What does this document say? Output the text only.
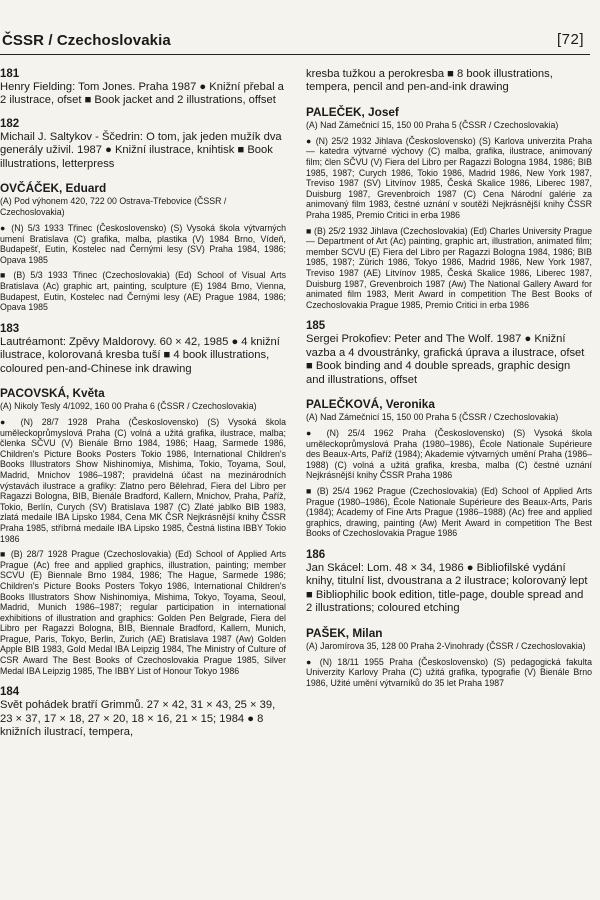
ČSSR / Czechoslovakia	[72]
181
Henry Fielding: Tom Jones. Praha 1987 ● Knižní přebal a 2 ilustrace, ofset ■ Book jacket and 2 illustrations, offset
182
Michail J. Saltykov - Ščedrin: O tom, jak jeden mužík dva generály uživil. 1987 ● Knižní ilustrace, knihtisk ■ Book illustrations, letterpress
OVČÁČEK, Eduard
(A) Pod výhonem 420, 722 00 Ostrava-Třebovice (ČSSR / Czechoslovakia)
● (N) 5/3 1933 Třinec (Československo) (S) Vysoká škola výtvarných umení Bratislava (C) grafika, malba, plastika (V) 1984 Brno, Vídeň, Budapešť, Eutin, Kostelec nad Černými lesy (SV) Praha 1984, 1986; Opava 1985
■ (B) 5/3 1933 Třinec (Czechoslovakia) (Ed) School of Visual Arts Bratislava (Ac) graphic art, painting, sculpture (E) 1984 Brno, Vienna, Budapest, Eutin, Kostelec nad Černými lesy (AE) Prague 1984, 1986; Opava 1985
183
Lautréamont: Zpěvy Maldorovy. 60 × 42, 1985 ● 4 knižní ilustrace, kolorovaná kresba tuší ■ 4 book illustrations, coloured pen-and-Chinese ink drawing
PACOVSKÁ, Květa
(A) Nikoly Tesly 4/1092, 160 00 Praha 6 (ČSSR / Czechoslovakia)
● (N) 28/7 1928 Praha (Československo) (S) Vysoká škola uměleckoprůmyslová Praha (C) volná a užitá grafika, ilustrace, malba; členka SČVU (V) Bienále Brno 1984, 1986; Haag, Sarmede 1986, Children's Picture Books Posters Tokio 1986, International Children's Books Illustrators Show Nishinomiya, Mishima, Tokio, Toyama, Soul, Madrid, Mnichov 1986–1987; pravidelná účast na mezinárodních výstavách ilustrace a grafiky: Zlatno pero Bělehrad, Fiera del Libro per Ragazzi Bologna, BIB, Bienále Bradford, Kallern, Mnichov, Praha, Paříž, Tokio, Berlín, Curych (SV) Bratislava 1987 (C) Zlaté jablko BIB 1983, zlatá medaile IBA Lipsko 1984, Cena MK ČSR Nejkrásnější knihy ČSSR Praha 1985, stříbrná medaile IBA Lipsko 1985, Čestná listina IBBY Tokio 1986
■ (B) 28/7 1928 Prague (Czechoslovakia) (Ed) School of Applied Arts Prague (Ac) free and applied graphics, illustration, painting; member SCVU (E) Biennale Brno 1984, 1986; The Hague, Sarmede 1986; Children's Picture Books Posters Tokyo 1986, International Children's Books Illustrators Show Nishinomiya, Mishima, Tokyo, Toyama, Seoul, Madrid, Munich 1986–1987; regular participation in international exhibitions of illustration and graphics: Golden Pen Belgrade, Fiera del Libro per Ragazzi Bologna, BIB, Biennale Bradford, Kallern, Munich, Prague, Paris, Tokyo, Berlin, Zurich (AE) Bratislava 1987 (Aw) Golden Apple BIB 1983, Gold Medal IBA Leipzig 1984, The Ministry of Culture of CSR Award The Best Books of Czechoslovakia Prague 1985, Silver Medal IBA Leipzig 1985, The IBBY List of Honour Tokyo 1986
184
Svět pohádek bratří Grimmů. 27 × 42, 31 × 43, 25 × 39, 23 × 37, 17 × 18, 27 × 20, 18 × 16, 21 × 15; 1984 ● 8 knižních ilustrací, tempera,
kresba tužkou a perokresba ■ 8 book illustrations, tempera, pencil and pen-and-ink drawing
PALEČEK, Josef
(A) Nad Zámečnicí 15, 150 00 Praha 5 (ČSSR / Czechoslovakia)
● (N) 25/2 1932 Jihlava (Československo) (S) Karlova univerzita Praha — katedra výtvarné výchovy (C) malba, grafika, ilustrace, animovaný film; člen SČVU (V) Fiera del Libro per Ragazzi Bologna 1984, 1986; BIB 1985, 1987; Curych 1986, Tokio 1986, Madrid 1986, New York 1987, Treviso 1987 (SV) Litvínov 1985, Česká Skalice 1986, Liberec 1987, Duisburg 1987, Grevenbroich 1987 (C) Cena Národní galérie za animovaný film 1983, čestné uznání v soutěži Nejkrásnější knihy ČSSR Praha 1985, Premio Critici in erba 1986
■ (B) 25/2 1932 Jihlava (Czechoslovakia) (Ed) Charles University Prague — Department of Art (Ac) painting, graphic art, illustration, animated film; member SCVU (E) Fiera del Libro per Ragazzi Bologna 1984, 1986; BIB 1985, 1987; Zürich 1986, Tokyo 1986, Madrid 1986, New York 1987, Treviso 1987 (AE) Litvínov 1985, Česká Skalice 1986, Liberec 1987, Duisburg 1987, Grevenbroich 1987 (Aw) The National Gallery Award for animated film 1983, Merit Award in competition The Best Books of Czechoslovakia Prague 1985, Premio Critici in erba 1986
185
Sergei Prokofiev: Peter and The Wolf. 1987 ● Knižní vazba a 4 dvoustránky, grafická úprava a ilustrace, ofset ■ Book binding and 4 double spreads, graphic design and illustrations, offset
PALEČKOVÁ, Veronika
(A) Nad Zámečnicí 15, 150 00 Praha 5 (ČSSR / Czechoslovakia)
● (N) 25/4 1962 Praha (Československo) (S) Vysoká škola uměleckoprůmyslová Praha (1980–1986), École Nationale Supérieure des Beaux-Arts, Paříž (1984); Akademie výtvarných umění Praha (1986–1988) (C) volná a užitá grafika, kresba, malba (C) čestné uznání Nejkrásnější knihy ČSSR Praha 1986
■ (B) 25/4 1962 Prague (Czechoslovakia) (Ed) School of Applied Arts Prague (1980–1986), École Nationale Supérieure des Beaux-Arts, Paris (1984); Academy of Fine Arts Prague (1986–1988) (Ac) free and applied graphics, drawing, painting (Aw) Merit Award in competition The Best Books of Czechoslovakia Prague 1986
186
Jan Skácel: Lom. 48 × 34, 1986 ● Bibliofilské vydání knihy, titulní list, dvoustrana a 2 ilustrace; kolorovaný lept ■ Bibliophilic book edition, title-page, double spread and 2 illustrations; coloured etching
PAŠEK, Milan
(A) Jaromírova 35, 128 00 Praha 2-Vinohrady (ČSSR / Czechoslovakia)
● (N) 18/11 1955 Praha (Československo) (S) pedagogická fakulta Univerzity Karlovy Praha (C) užitá grafika, typografie (V) Bienále Brno 1986, Užité umění výtvarníků do 35 let Praha 1987
